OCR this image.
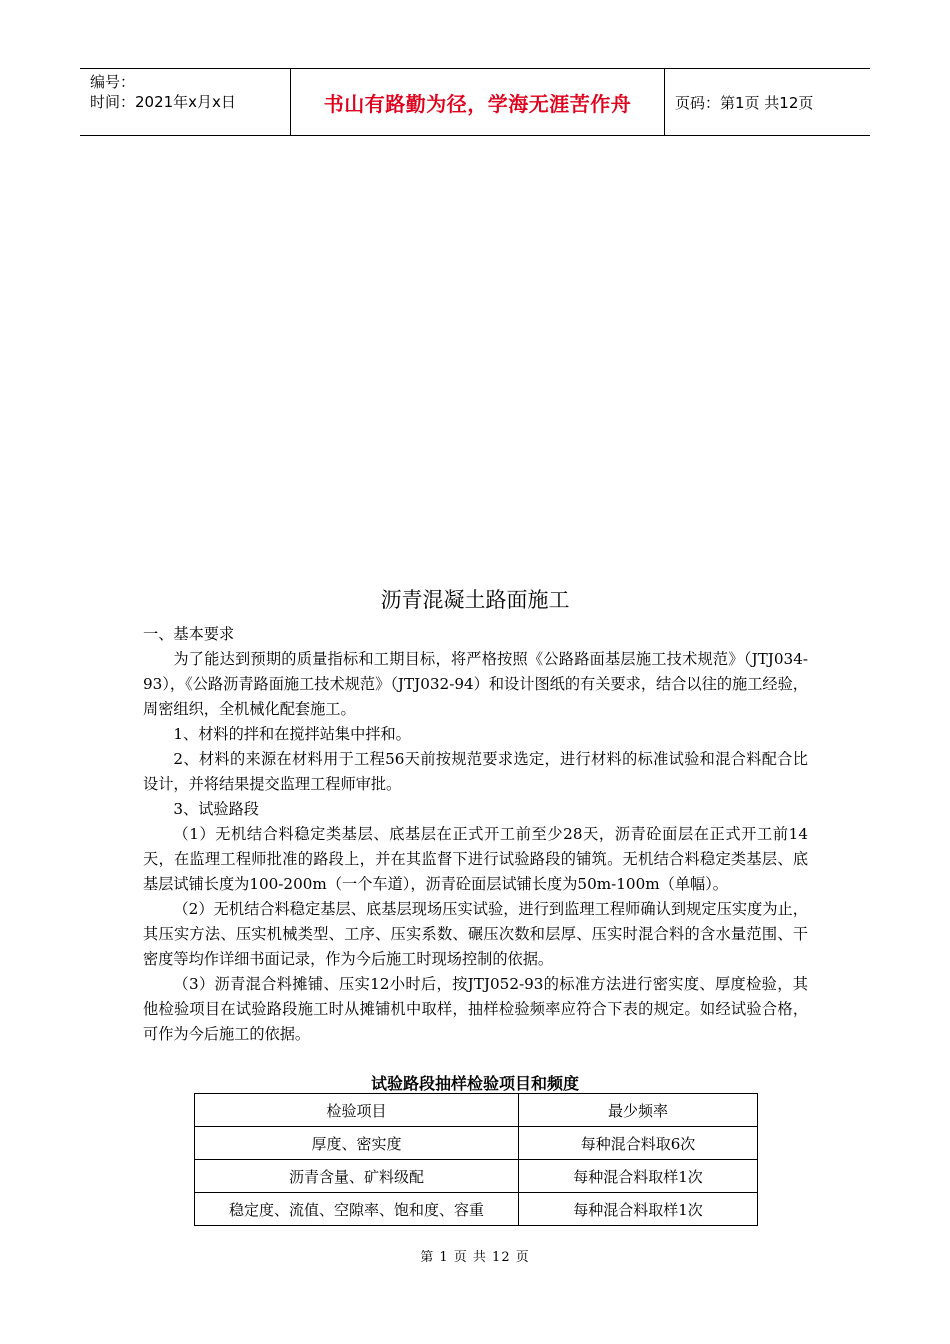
编号：
时间：2021年x月x日	书山有路勤为径，学海无涯苦作舟	页码：第1页 共12页
沥青混凝土路面施工

一、基本要求

为了能达到预期的质量指标和工期目标，将严格按照《公路路面基层施工技术规范》（JTJ034-93），《公路沥青路面施工技术规范》（JTJ032-94）和设计图纸的有关要求，结合以往的施工经验，周密组织，全机械化配套施工。

1、材料的拌和在搅拌站集中拌和。

2、材料的来源在材料用于工程56天前按规范要求选定，进行材料的标准试验和混合料配合比设计，并将结果提交监理工程师审批。

3、试验路段

（1）无机结合料稳定类基层、底基层在正式开工前至少28天，沥青砼面层在正式开工前14天，在监理工程师批准的路段上，并在其监督下进行试验路段的铺筑。无机结合料稳定类基层、底基层试铺长度为100-200m（一个车道），沥青砼面层试铺长度为50m-100m（单幅）。

（2）无机结合料稳定基层、底基层现场压实试验，进行到监理工程师确认到规定压实度为止，其压实方法、压实机械类型、工序、压实系数、碾压次数和层厚、压实时混合料的含水量范围、干密度等均作详细书面记录，作为今后施工时现场控制的依据。

（3）沥青混合料摊铺、压实12小时后，按JTJ052-93的标准方法进行密实度、厚度检验，其他检验项目在试验路段施工时从摊铺机中取样，抽样检验频率应符合下表的规定。如经试验合格，可作为今后施工的依据。

试验路段抽样检验项目和频度
检验项目	最少频率
厚度、密实度	每种混合料取6次
沥青含量、矿料级配	每种混合料取样1次
稳定度、流值、空隙率、饱和度、容重	每种混合料取样1次
第 1 页 共 12 页
